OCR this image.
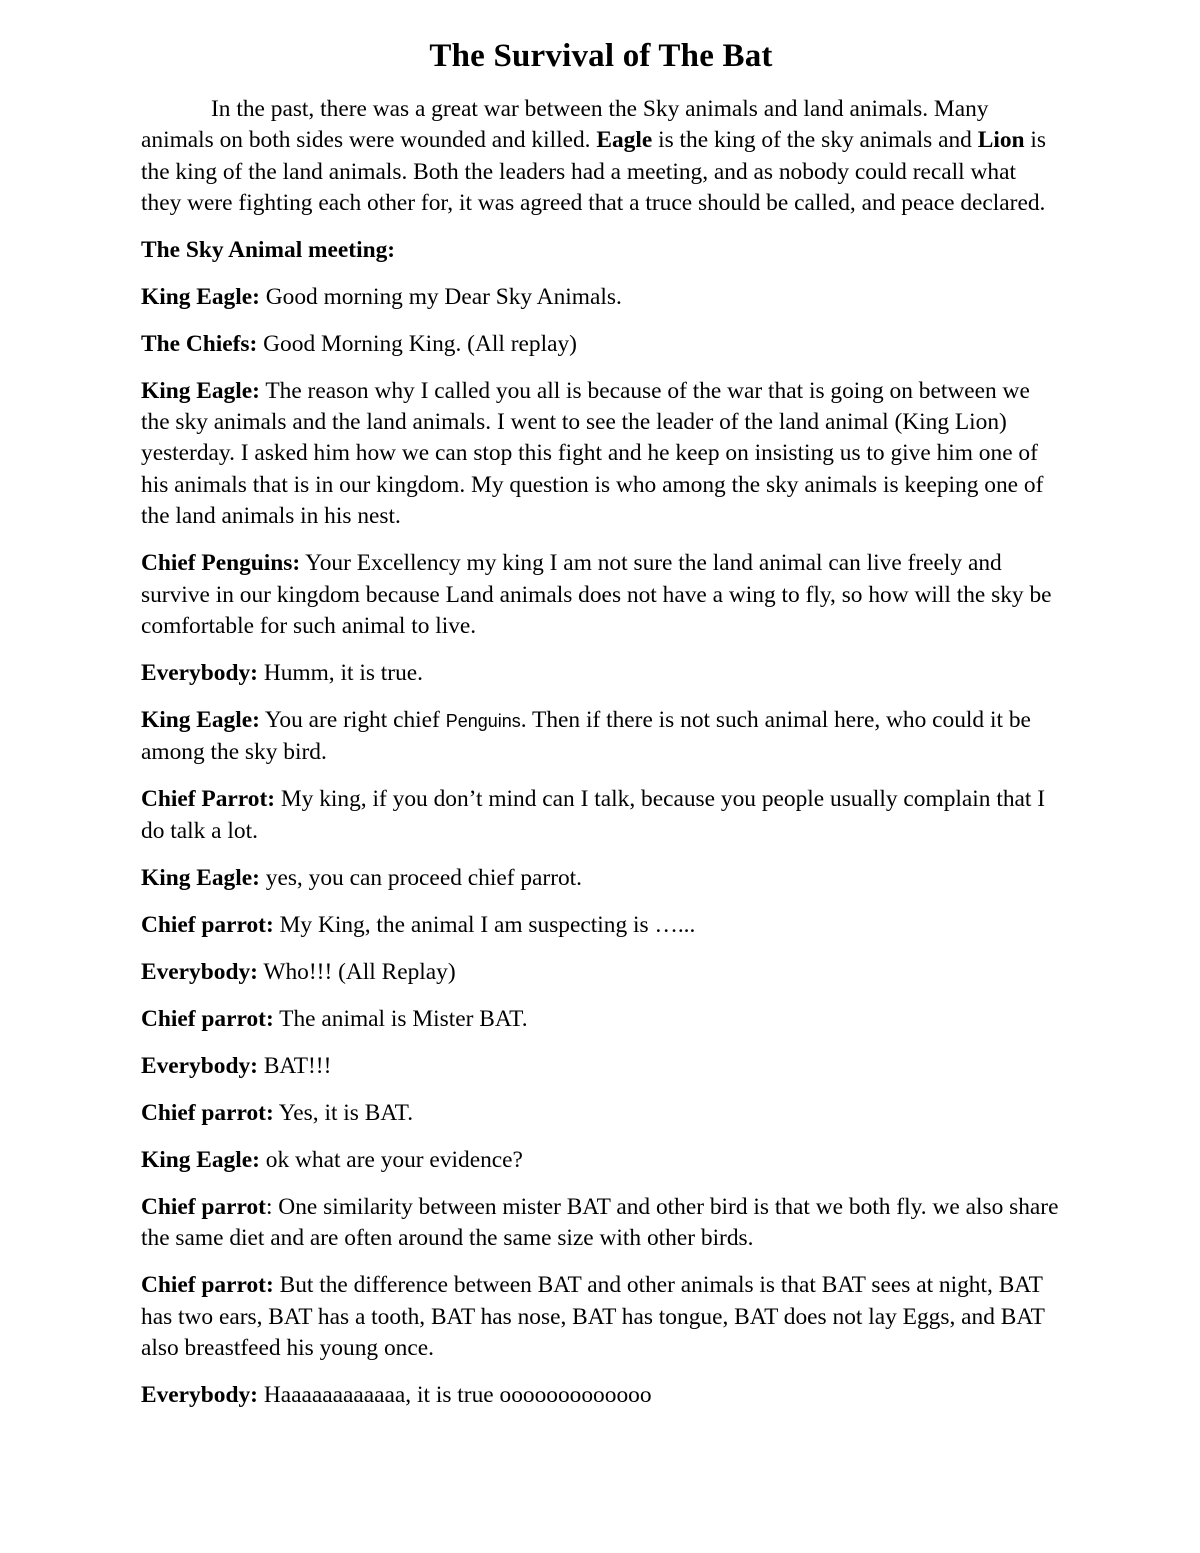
The Survival of The Bat

In the past, there was a great war between the Sky animals and land animals. Many animals on both sides were wounded and killed. Eagle is the king of the sky animals and Lion is the king of the land animals. Both the leaders had a meeting, and as nobody could recall what they were fighting each other for, it was agreed that a truce should be called, and peace declared.

The Sky Animal meeting:

King Eagle: Good morning my Dear Sky Animals.

The Chiefs: Good Morning King. (All replay)

King Eagle: The reason why I called you all is because of the war that is going on between we the sky animals and the land animals. I went to see the leader of the land animal (King Lion) yesterday. I asked him how we can stop this fight and he keep on insisting us to give him one of his animals that is in our kingdom. My question is who among the sky animals is keeping one of the land animals in his nest.

Chief Penguins: Your Excellency my king I am not sure the land animal can live freely and survive in our kingdom because Land animals does not have a wing to fly, so how will the sky be comfortable for such animal to live.

Everybody: Humm, it is true.

King Eagle: You are right chief Penguins. Then if there is not such animal here, who could it be among the sky bird.

Chief Parrot: My king, if you don’t mind can I talk, because you people usually complain that I do talk a lot.

King Eagle: yes, you can proceed chief parrot.

Chief parrot: My King, the animal I am suspecting is …...

Everybody: Who!!! (All Replay)

Chief parrot: The animal is Mister BAT.

Everybody: BAT!!!

Chief parrot: Yes, it is BAT.

King Eagle: ok what are your evidence?

Chief parrot: One similarity between mister BAT and other bird is that we both fly. we also share the same diet and are often around the same size with other birds.

Chief parrot: But the difference between BAT and other animals is that BAT sees at night, BAT has two ears, BAT has a tooth, BAT has nose, BAT has tongue, BAT does not lay Eggs, and BAT also breastfeed his young once.

Everybody: Haaaaaaaaaaaa, it is true ooooooooooooo
